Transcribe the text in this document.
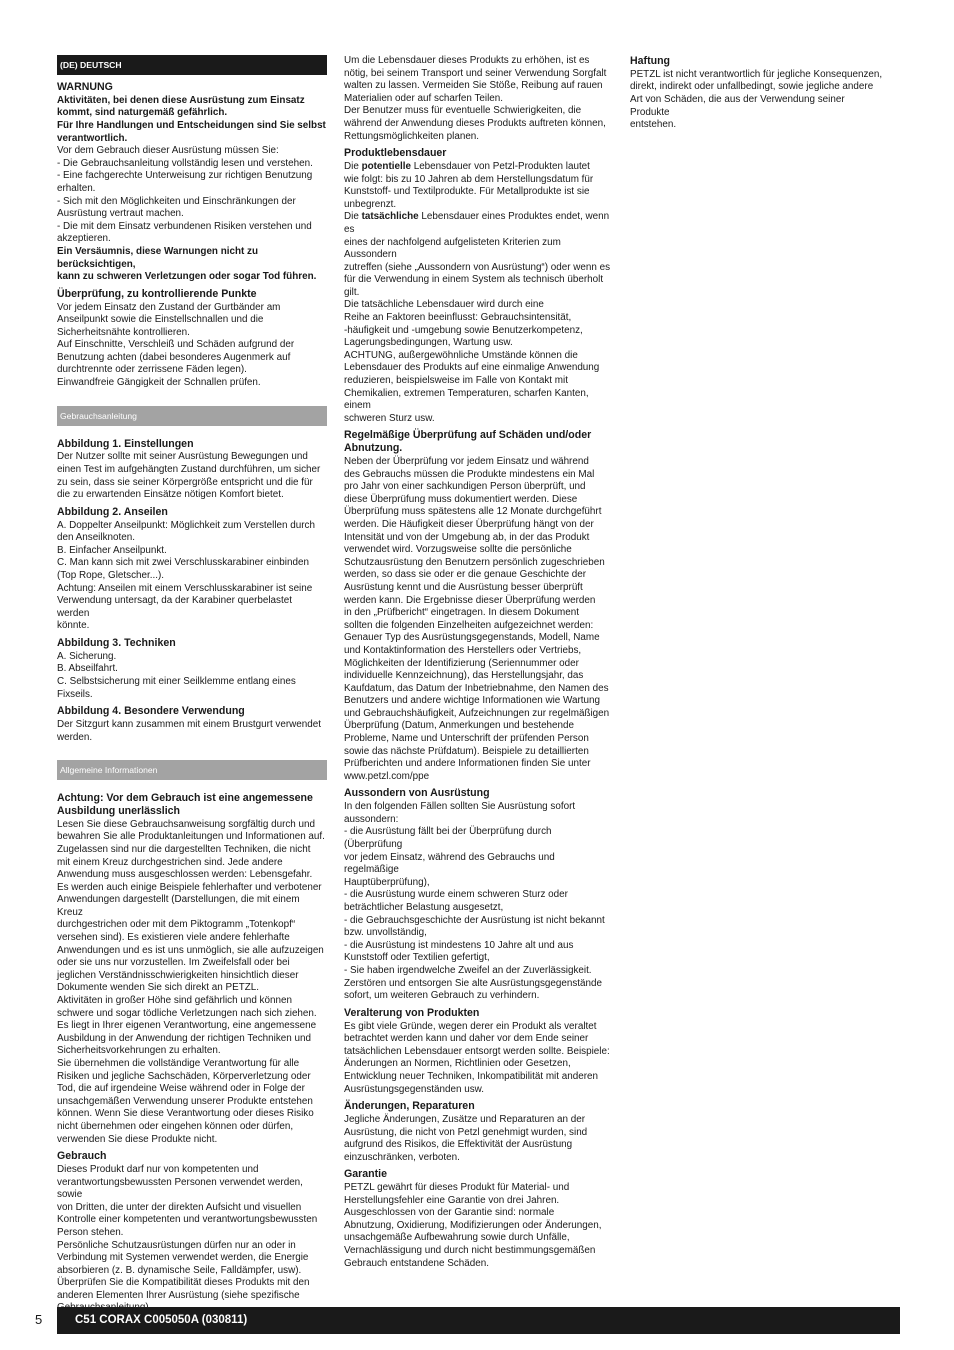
(DE) DEUTSCH
WARNUNG

Aktivitäten, bei denen diese Ausrüstung zum Einsatz
kommt, sind naturgemäß gefährlich.
Für Ihre Handlungen und Entscheidungen sind Sie selbst
verantwortlich.

Vor dem Gebrauch dieser Ausrüstung müssen Sie:
- Die Gebrauchsanleitung vollständig lesen und verstehen.
- Eine fachgerechte Unterweisung zur richtigen Benutzung
erhalten.
- Sich mit den Möglichkeiten und Einschränkungen der
Ausrüstung vertraut machen.
- Die mit dem Einsatz verbundenen Risiken verstehen und
akzeptieren.

Ein Versäumnis, diese Warnungen nicht zu berücksichtigen,
kann zu schweren Verletzungen oder sogar Tod führen.

Überprüfung, zu kontrollierende Punkte

Vor jedem Einsatz den Zustand der Gurtbänder am
Anseilpunkt sowie die Einstellschnallen und die
Sicherheitsnähte kontrollieren.
Auf Einschnitte, Verschleiß und Schäden aufgrund der
Benutzung achten (dabei besonderes Augenmerk auf
durchtrennte oder zerrissene Fäden legen).
Einwandfreie Gängigkeit der Schnallen prüfen.

Gebrauchsanleitung
Abbildung 1. Einstellungen

Der Nutzer sollte mit seiner Ausrüstung Bewegungen und
einen Test im aufgehängten Zustand durchführen, um sicher
zu sein, dass sie seiner Körpergröße entspricht und die für
die zu erwartenden Einsätze nötigen Komfort bietet.

Abbildung 2. Anseilen

A. Doppelter Anseilpunkt: Möglichkeit zum Verstellen durch
den Anseilknoten.
B. Einfacher Anseilpunkt.
C. Man kann sich mit zwei Verschlusskarabiner einbinden
(Top Rope, Gletscher...).
Achtung: Anseilen mit einem Verschlusskarabiner ist seine
Verwendung untersagt, da der Karabiner querbelastet werden
könnte.

Abbildung 3. Techniken

A. Sicherung.
B. Abseilfahrt.
C. Selbstsicherung mit einer Seilklemme entlang eines
Fixseils.

Abbildung 4. Besondere Verwendung

Der Sitzgurt kann zusammen mit einem Brustgurt verwendet
werden.

Allgemeine Informationen
Achtung: Vor dem Gebrauch ist eine angemessene
Ausbildung unerlässlich

Lesen Sie diese Gebrauchsanweisung sorgfältig durch und
bewahren Sie alle Produktanleitungen und Informationen auf.
Zugelassen sind nur die dargestellten Techniken, die nicht
mit einem Kreuz durchgestrichen sind. Jede andere
Anwendung muss ausgeschlossen werden: Lebensgefahr.
Es werden auch einige Beispiele fehlerhafter und verbotener
Anwendungen dargestellt (Darstellungen, die mit einem Kreuz
durchgestrichen oder mit dem Piktogramm „Totenkopf“
versehen sind). Es existieren viele andere fehlerhafte
Anwendungen und es ist uns unmöglich, sie alle aufzuzeigen
oder sie uns nur vorzustellen. Im Zweifelsfall oder bei
jeglichen Verständnisschwierigkeiten hinsichtlich dieser
Dokumente wenden Sie sich direkt an PETZL.
Aktivitäten in großer Höhe sind gefährlich und können
schwere und sogar tödliche Verletzungen nach sich ziehen.
Es liegt in Ihrer eigenen Verantwortung, eine angemessene
Ausbildung in der Anwendung der richtigen Techniken und
Sicherheitsvorkehrungen zu erhalten.
Sie übernehmen die vollständige Verantwortung für alle
Risiken und jegliche Sachschäden, Körperverletzung oder
Tod, die auf irgendeine Weise während oder in Folge der
unsachgemäßen Verwendung unserer Produkte entstehen
können. Wenn Sie diese Verantwortung oder dieses Risiko
nicht übernehmen oder eingehen können oder dürfen,
verwenden Sie diese Produkte nicht.

Gebrauch

Dieses Produkt darf nur von kompetenten und
verantwortungsbewussten Personen verwendet werden, sowie
von Dritten, die unter der direkten Aufsicht und visuellen
Kontrolle einer kompetenten und verantwortungsbewussten
Person stehen.
Persönliche Schutzausrüstungen dürfen nur an oder in
Verbindung mit Systemen verwendet werden, die Energie
absorbieren (z. B. dynamische Seile, Falldämpfer, usw).
Überprüfen Sie die Kompatibilität dieses Produkts mit den
anderen Elementen Ihrer Ausrüstung (siehe spezifische

Um die Lebensdauer dieses Produkts zu erhöhen, ist es
nötig, bei seinem Transport und seiner Verwendung Sorgfalt
walten zu lassen. Vermeiden Sie Stöße, Reibung auf rauen
Materialien oder auf scharfen Teilen.
Der Benutzer muss für eventuelle Schwierigkeiten, die
während der Anwendung dieses Produkts auftreten können,
Rettungsmöglichkeiten planen.

Produktlebensdauer

Die potentielle Lebensdauer von Petzl-Produkten lautet
wie folgt: bis zu 10 Jahren ab dem Herstellungsdatum für
Kunststoff- und Textilprodukte. Für Metallprodukte ist sie
unbegrenzt.

Die tatsächliche Lebensdauer eines Produktes endet, wenn es
eines der nachfolgend aufgelisteten Kriterien zum Aussondern
zutreffen (siehe „Aussondern von Ausrüstung“) oder wenn es
für die Verwendung in einem System als technisch überholt
gilt.

Die tatsächliche Lebensdauer wird durch eine
Reihe an Faktoren beeinflusst: Gebrauchsintensität,
-häufigkeit und -umgebung sowie Benutzerkompetenz,
Lagerungsbedingungen, Wartung usw.
ACHTUNG, außergewöhnliche Umstände können die
Lebensdauer des Produkts auf eine einmalige Anwendung
reduzieren, beispielsweise im Falle von Kontakt mit
Chemikalien, extremen Temperaturen, scharfen Kanten, einem
schweren Sturz usw.

Regelmäßige Überprüfung auf Schäden und/oder
Abnutzung.

Neben der Überprüfung vor jedem Einsatz und während
des Gebrauchs müssen die Produkte mindestens ein Mal
pro Jahr von einer sachkundigen Person überprüft, und
diese Überprüfung muss dokumentiert werden. Diese
Überprüfung muss spätestens alle 12 Monate durchgeführt
werden. Die Häufigkeit dieser Überprüfung hängt von der
Intensität und von der Umgebung ab, in der das Produkt
verwendet wird. Vorzugsweise sollte die persönliche
Schutzausrüstung den Benutzern persönlich zugeschrieben
werden, so dass sie oder er die genaue Geschichte der
Ausrüstung kennt und die Ausrüstung besser überprüft
werden kann. Die Ergebnisse dieser Überprüfung werden
in den „Prüfbericht“ eingetragen. In diesem Dokument
sollten die folgenden Einzelheiten aufgezeichnet werden:
Genauer Typ des Ausrüstungsgegenstands, Modell, Name
und Kontaktinformation des Herstellers oder Vertriebs,
Möglichkeiten der Identifizierung (Seriennummer oder
individuelle Kennzeichnung), das Herstellungsjahr, das
Kaufdatum, das Datum der Inbetriebnahme, den Namen des
Benutzers und andere wichtige Informationen wie Wartung
und Gebrauchshäufigkeit, Aufzeichnungen zur regelmäßigen
Überprüfung (Datum, Anmerkungen und bestehende
Probleme, Name und Unterschrift der prüfenden Person
sowie das nächste Prüfdatum). Beispiele zu detaillierten
Prüfberichten und andere Informationen finden Sie unter
www.petzl.com/ppe

Aussondern von Ausrüstung

In den folgenden Fällen sollten Sie Ausrüstung sofort
aussondern:
- die Ausrüstung fällt bei der Überprüfung durch (Überprüfung
vor jedem Einsatz, während des Gebrauchs und regelmäßige
Hauptüberprüfung),
- die Ausrüstung wurde einem schweren Sturz oder
beträchtlicher Belastung ausgesetzt,
- die Gebrauchsgeschichte der Ausrüstung ist nicht bekannt
bzw. unvollständig,
- die Ausrüstung ist mindestens 10 Jahre alt und aus
Kunststoff oder Textilien gefertigt,
- Sie haben irgendwelche Zweifel an der Zuverlässigkeit.
Zerstören und entsorgen Sie alte Ausrüstungsgegenstände
sofort, um weiteren Gebrauch zu verhindern.

Veralterung von Produkten

Es gibt viele Gründe, wegen derer ein Produkt als veraltet
betrachtet werden kann und daher vor dem Ende seiner
tatsächlichen Lebensdauer entsorgt werden sollte. Beispiele:
Änderungen an Normen, Richtlinien oder Gesetzen,
Entwicklung neuer Techniken, Inkompatibilität mit anderen
Ausrüstungsgegenständen usw.

Änderungen, Reparaturen

Jegliche Änderungen, Zusätze und Reparaturen an der
Ausrüstung, die nicht von Petzl genehmigt wurden, sind
aufgrund des Risikos, die Effektivität der Ausrüstung
einzuschränken, verboten.

Garantie

PETZL gewährt für dieses Produkt für Material- und
Herstellungsfehler eine Garantie von drei Jahren.
Ausgeschlossen von der Garantie sind: normale
Abnutzung, Oxidierung, Modifizierungen oder Änderungen,
unsachgemäße Aufbewahrung sowie durch Unfälle,
Vernachlässigung und durch nicht bestimmungsgemäßen
Gebrauch entstandene Schäden.

Haftung

PETZL ist nicht verantwortlich für jegliche Konsequenzen,
direkt, indirekt oder unfallbedingt, sowie jegliche andere
Art von Schäden, die aus der Verwendung seiner Produkte
entstehen.

5	C51 CORAX C005050A (030811)
